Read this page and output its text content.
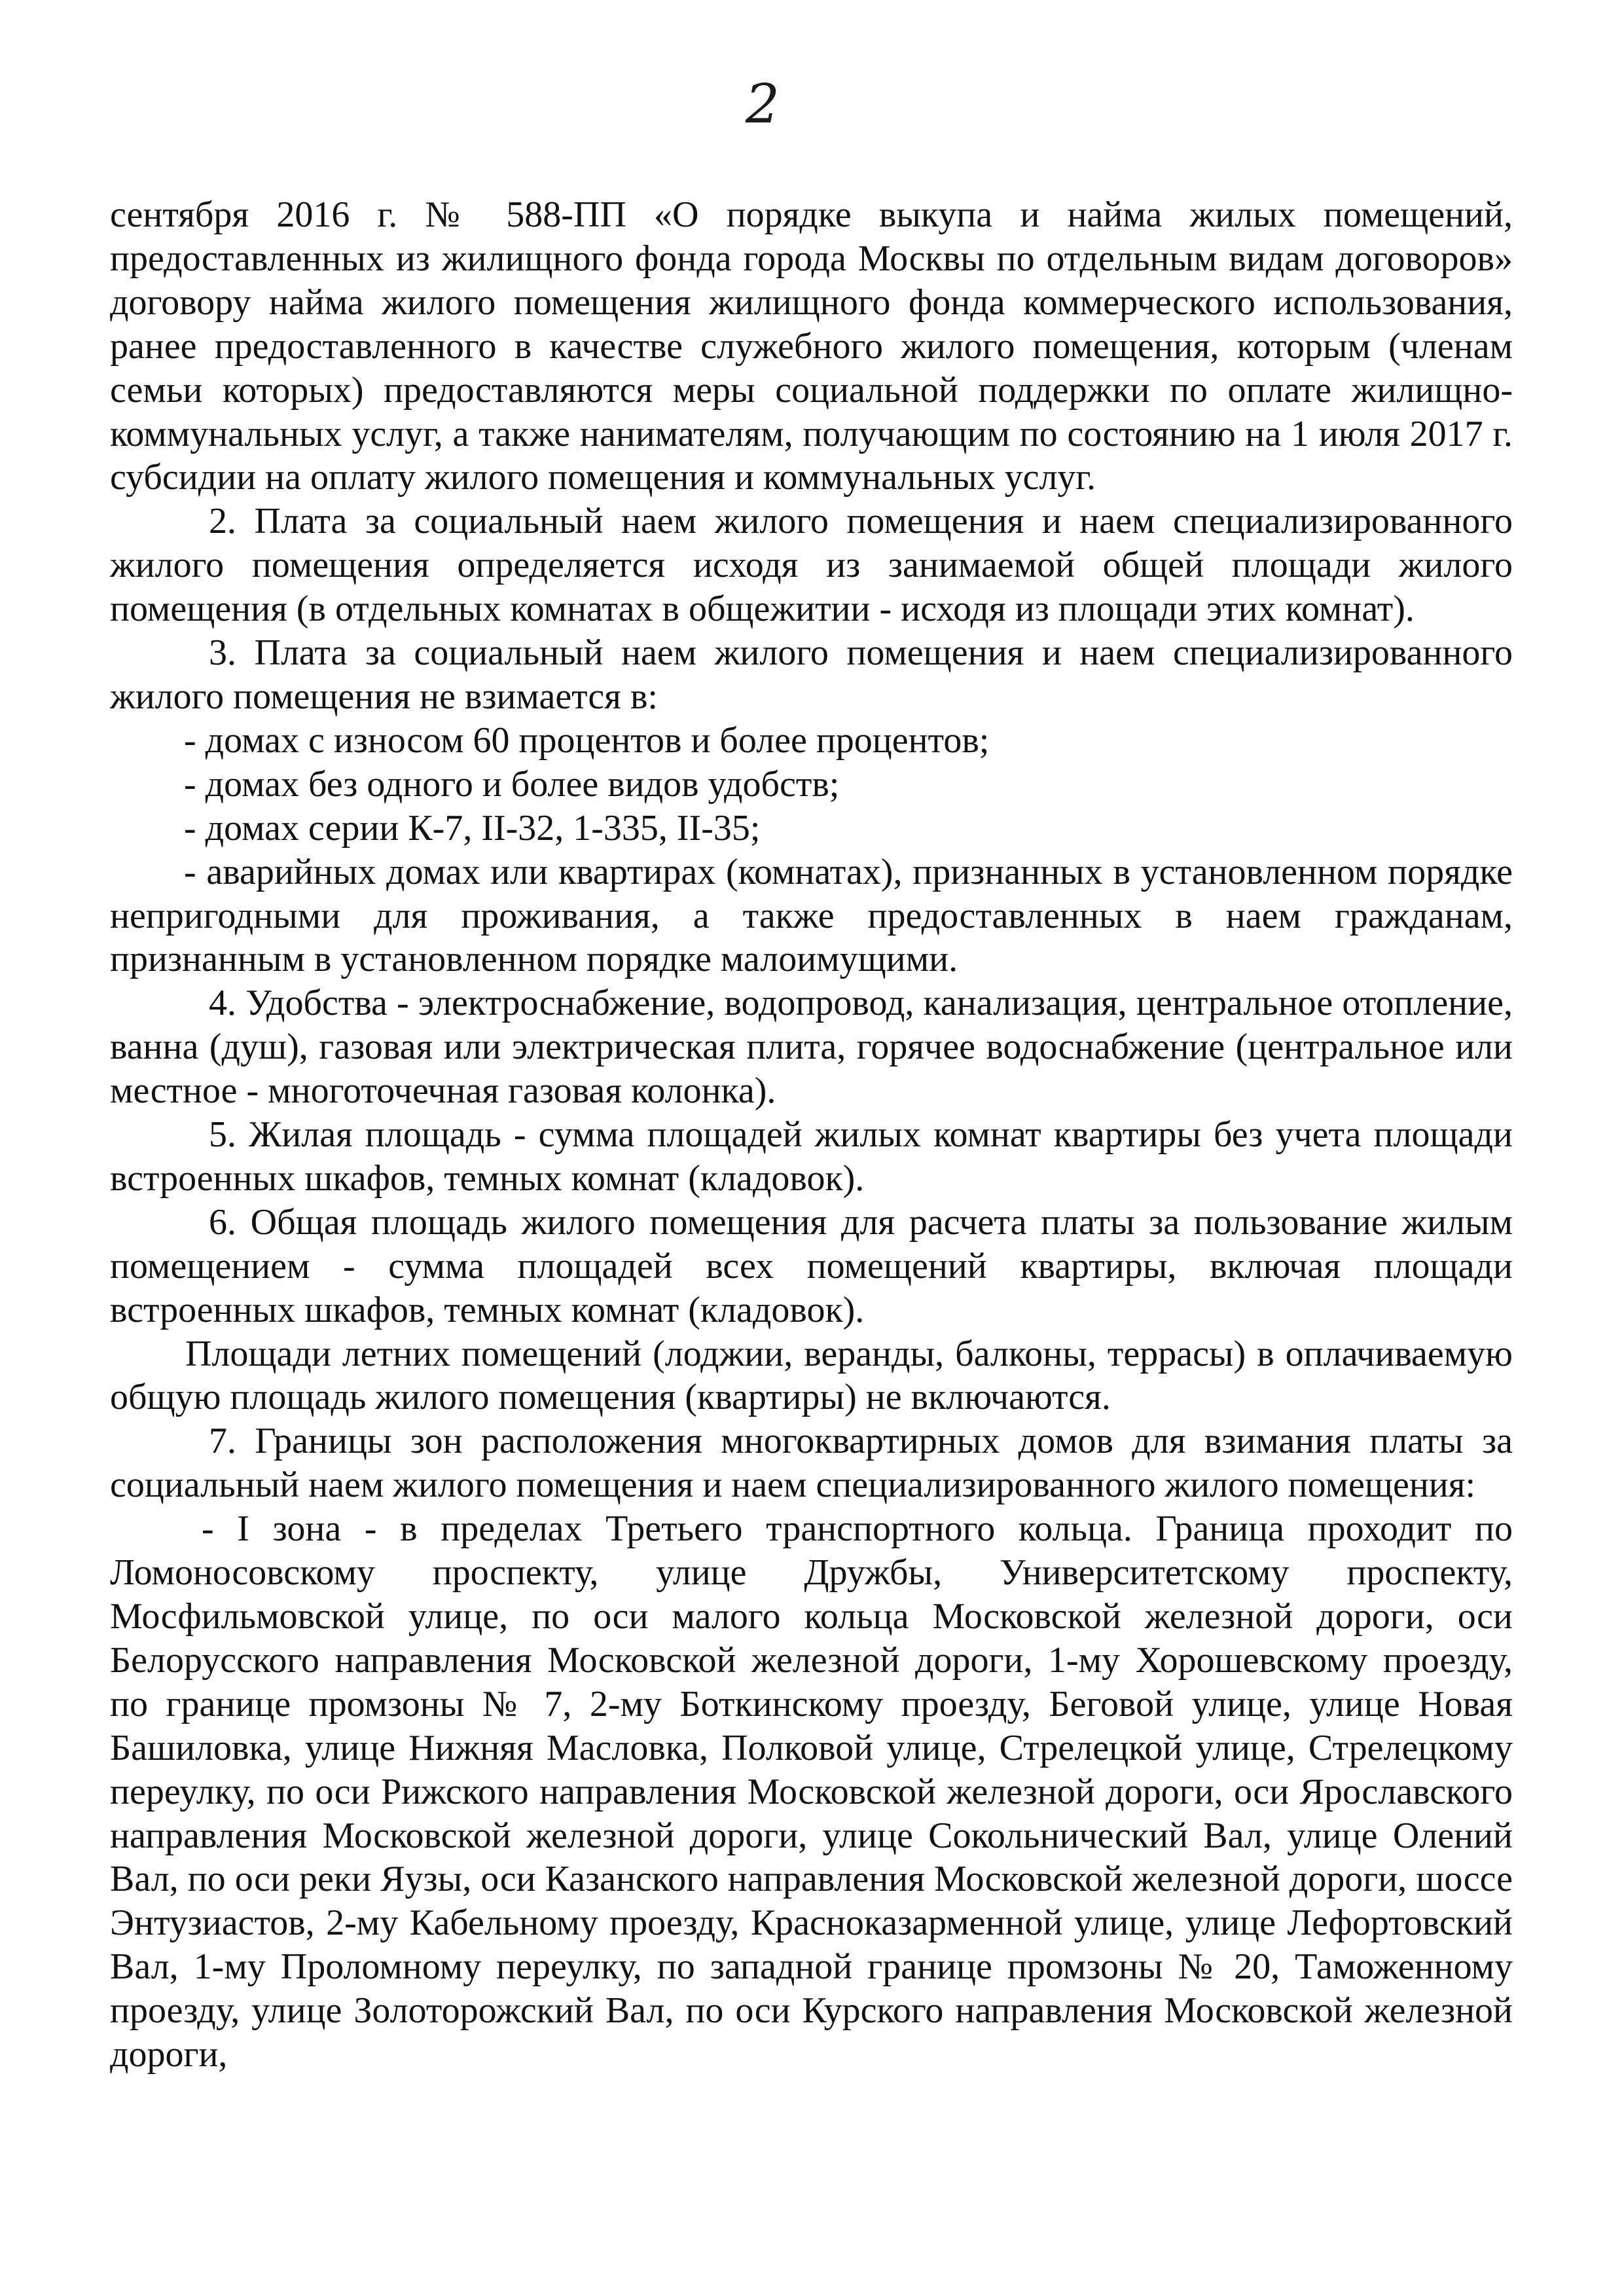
2

сентября 2016 г. № 588-ПП «О порядке выкупа и найма жилых помещений, предоставленных из жилищного фонда города Москвы по отдельным видам договоров» договору найма жилого помещения жилищного фонда коммерческого использования, ранее предоставленного в качестве служебного жилого помещения, которым (членам семьи которых) предоставляются меры социальной поддержки по оплате жилищно-коммунальных услуг, а также нанимателям, получающим по состоянию на 1 июля 2017 г. субсидии на оплату жилого помещения и коммунальных услуг.

2. Плата за социальный наем жилого помещения и наем специализированного жилого помещения определяется исходя из занимаемой общей площади жилого помещения (в отдельных комнатах в общежитии - исходя из площади этих комнат).

3. Плата за социальный наем жилого помещения и наем специализированного жилого помещения не взимается в:

- домах с износом 60 процентов и более процентов;

- домах без одного и более видов удобств;

- домах серии К-7, II-32, 1-335, II-35;

- аварийных домах или квартирах (комнатах), признанных в установленном порядке непригодными для проживания, а также предоставленных в наем гражданам, признанным в установленном порядке малоимущими.

4. Удобства - электроснабжение, водопровод, канализация, центральное отопление, ванна (душ), газовая или электрическая плита, горячее водоснабжение (центральное или местное - многоточечная газовая колонка).

5. Жилая площадь - сумма площадей жилых комнат квартиры без учета площади встроенных шкафов, темных комнат (кладовок).

6. Общая площадь жилого помещения для расчета платы за пользование жилым помещением - сумма площадей всех помещений квартиры, включая площади встроенных шкафов, темных комнат (кладовок).

Площади летних помещений (лоджии, веранды, балконы, террасы) в оплачиваемую общую площадь жилого помещения (квартиры) не включаются.

7. Границы зон расположения многоквартирных домов для взимания платы за социальный наем жилого помещения и наем специализированного жилого помещения:

- I зона - в пределах Третьего транспортного кольца. Граница проходит по Ломоносовскому проспекту, улице Дружбы, Университетскому проспекту, Мосфильмовской улице, по оси малого кольца Московской железной дороги, оси Белорусского направления Московской железной дороги, 1-му Хорошевскому проезду, по границе промзоны № 7, 2-му Боткинскому проезду, Беговой улице, улице Новая Башиловка, улице Нижняя Масловка, Полковой улице, Стрелецкой улице, Стрелецкому переулку, по оси Рижского направления Московской железной дороги, оси Ярославского направления Московской железной дороги, улице Сокольнический Вал, улице Олений Вал, по оси реки Яузы, оси Казанского направления Московской железной дороги, шоссе Энтузиастов, 2-му Кабельному проезду, Красноказарменной улице, улице Лефортовский Вал, 1-му Проломному переулку, по западной границе промзоны № 20, Таможенному проезду, улице Золоторожский Вал, по оси Курского направления Московской железной дороги,
